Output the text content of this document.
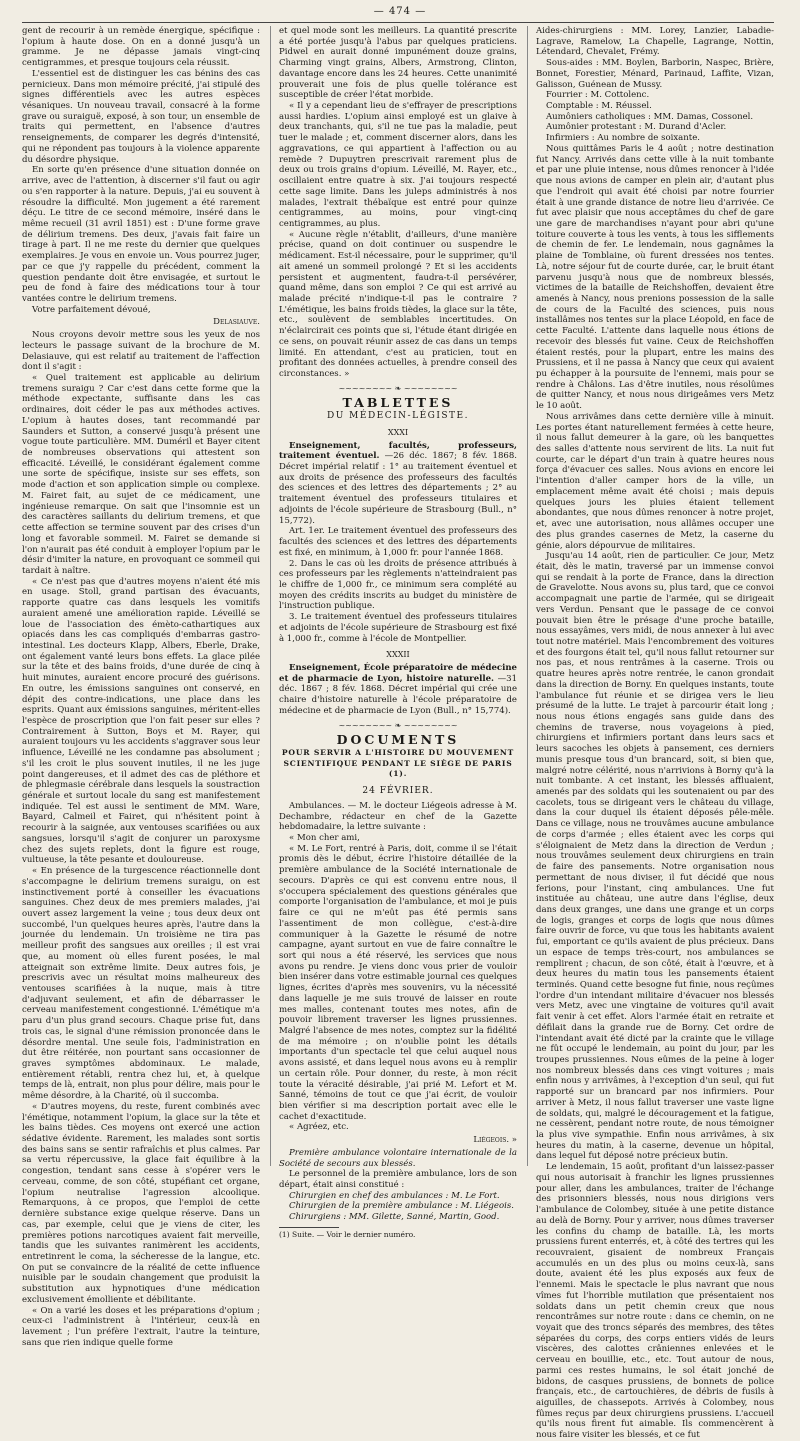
— 474 —

gent de recourir à un remède énergique, spécifique : l'opium à haute dose. On en a donné jusqu'à un gramme. Je ne dépasse jamais vingt-cinq centigrammes, et presque toujours cela réussit.

L'essentiel est de distinguer les cas bénins des cas pernicieux. Dans mon mémoire précité, j'ai stipulé des signes différentiels avec les autres espèces vésaniques. Un nouveau travail, consacré à la forme grave ou suraiguë, exposé, à son tour, un ensemble de traits qui permettent, en l'absence d'autres renseignements, de comparer les degrés d'intensité, qui ne répondent pas toujours à la violence apparente du désordre physique.

En sorte qu'en présence d'une situation donnée on arrive, avec de l'attention, à discerner s'il faut ou agir ou s'en rapporter à la nature. Depuis, j'ai eu souvent à résoudre la difficulté. Mon jugement a été rarement déçu. Le titre de ce second mémoire, inséré dans le même recueil (31 avril 1851) est : D'une forme grave de délirium tremens. Des deux, j'avais fait faire un tirage à part. Il ne me reste du dernier que quelques exemplaires. Je vous en envoie un. Vous pourrez juger, par ce que j'y rappelle du précédent, comment la question pendante doit être envisagée, et surtout le peu de fond à faire des médications tour à tour vantées contre le delirium tremens.

Votre parfaitement dévoué,

Delasiauve.

Nous croyons devoir mettre sous les yeux de nos lecteurs le passage suivant de la brochure de M. Delasiauve, qui est relatif au traitement de l'affection dont il s'agit :

« Quel traitement est applicable au delirium tremens suraigu ? Car c'est dans cette forme que la méthode expectante, suffisante dans les cas ordinaires, doit céder le pas aux méthodes actives. L'opium à hautes doses, tant recommandé par Saunders et Sutton, a conservé jusqu'à présent une vogue toute particulière. MM. Duméril et Bayer citent de nombreuses observations qui attestent son efficacité. Léveillé, le considérant également comme une sorte de spécifique, insiste sur ses effets, son mode d'action et son application simple ou complexe. M. Fairet fait, au sujet de ce médicament, une ingénieuse remarque. On sait que l'insomnie est un des caractères saillants du delirium tremens, et que cette affection se termine souvent par des crises d'un long et favorable sommeil. M. Fairet se demande si l'on n'aurait pas été conduit à employer l'opium par le désir d'imiter la nature, en provoquant ce sommeil qui tardait à naître.

« Ce n'est pas que d'autres moyens n'aient été mis en usage. Stoll, grand partisan des évacuants, rapporte quatre cas dans lesquels les vomitifs auraient amené une amélioration rapide. Léveillé se loue de l'association des émèto-cathartiques aux opiacés dans les cas compliqués d'embarras gastro-intestinal. Les docteurs Klapp, Albers, Eberle, Drake, ont également vanté leurs bons effets. La glace pilée sur la tête et des bains froids, d'une durée de cinq à huit minutes, auraient encore procuré des guérisons. En outre, les émissions sanguines ont conservé, en dépit des contre-indications, une place dans les esprits. Quant aux émissions sanguines, méritent-elles l'espèce de proscription que l'on fait peser sur elles ? Contrairement à Sutton, Boys et M. Rayer, qui auraient toujours vu les accidents s'aggraver sous leur influence, Léveillé ne les condamne pas absolument ; s'il les croit le plus souvent inutiles, il ne les juge point dangereuses, et il admet des cas de pléthore et de phlegmasie cérébrale dans lesquels la soustraction générale et surtout locale du sang est manifestement indiquée. Tel est aussi le sentiment de MM. Ware, Bayard, Calmeil et Fairet, qui n'hésitent point à recourir à la saignée, aux ventouses scarifiées ou aux sangsues, lorsqu'il s'agit de conjurer un paroxysme chez des sujets replets, dont la figure est rouge, vultueuse, la tête pesante et douloureuse.

« En présence de la turgescence réactionnelle dont s'accompagne le delirium tremens suraigu, on est instinctivement porté à conseiller les évacuations sanguines. Chez deux de mes premiers malades, j'ai ouvert assez largement la veine ; tous deux deux ont succombé, l'un quelques heures après, l'autre dans la journée du lendemain. Un troisième ne tira pas meilleur profit des sangsues aux oreilles ; il est vrai que, au moment où elles furent posées, le mal atteignait son extrême limite. Deux autres fois, je prescrivis avec un résultat moins malheureux des ventouses scarifiées à la nuque, mais à titre d'adjuvant seulement, et afin de débarrasser le cerveau manifestement congestionné. L'émétique m'a paru d'un plus grand secours. Chaque prise fut, dans trois cas, le signal d'une rémission prononcée dans le désordre mental. Une seule fois, l'administration en dut être réitérée, non pourtant sans occasionner de graves symptômes abdominaux. Le malade, entièrement rétabli, rentra chez lui, et, à quelque temps de là, entrait, non plus pour délire, mais pour le même désordre, à la Charité, où il succomba.

« D'autres moyens, du reste, furent combinés avec l'émétique, notamment l'opium, la glace sur la tête et les bains tièdes. Ces moyens ont exercé une action sédative évidente. Rarement, les malades sont sortis des bains sans se sentir rafraîchis et plus calmes. Par sa vertu répercussive, la glace fait équilibre à la congestion, tendant sans cesse à s'opérer vers le cerveau, comme, de son côté, stupéfiant cet organe, l'opium neutralise l'agression alcoolique. Remarquons, à ce propos, que l'emploi de cette dernière substance exige quelque réserve. Dans un cas, par exemple, celui que je viens de citer, les premières potions narcotiques avaient fait merveille, tandis que les suivantes ranimèrent les accidents, entretinrent le coma, la sécheresse de la langue, etc. On put se convaincre de la réalité de cette influence nuisible par le soudain changement que produisit la substitution aux hypnotiques d'une médication exclusivement émolliente et débilitante.

« On a varié les doses et les préparations d'opium ; ceux-ci l'administrent à l'intérieur, ceux-là en lavement ; l'un préfère l'extrait, l'autre la teinture, sans que rien indique quelle forme

et quel mode sont les meilleurs. La quantité prescrite a été portée jusqu'à l'abus par quelques praticiens. Pidwel en aurait donné impunément douze grains, Charming vingt grains, Albers, Armstrong, Clinton, davantage encore dans les 24 heures. Cette unanimité prouverait une fois de plus quelle tolérance est susceptible de créer l'état morbide.

« Il y a cependant lieu de s'effrayer de prescriptions aussi hardies. L'opium ainsi employé est un glaive à deux tranchants, qui, s'il ne tue pas la maladie, peut tuer le malade ; et, comment discerner alors, dans les aggravations, ce qui appartient à l'affection ou au remède ? Dupuytren prescrivait rarement plus de deux ou trois grains d'opium. Léveillé, M. Rayer, etc., oscillaient entre quatre à six. J'ai toujours respecté cette sage limite. Dans les juleps administrés à nos malades, l'extrait thébaïque est entré pour quinze centigrammes, au moins, pour vingt-cinq centigrammes, au plus.

« Aucune règle n'établit, d'ailleurs, d'une manière précise, quand on doit continuer ou suspendre le médicament. Est-il nécessaire, pour le supprimer, qu'il ait amené un sommeil prolongé ? Et si les accidents persistent et augmentent, faudra-t-il persévérer, quand même, dans son emploi ? Ce qui est arrivé au malade précité n'indique-t-il pas le contraire ? L'émétique, les bains froids tièdes, la glace sur la tête, etc., soulèvent de semblables incertitudes. On n'éclaircirait ces points que si, l'étude étant dirigée en ce sens, on pouvait réunir assez de cas dans un temps limité. En attendant, c'est au praticien, tout en profitant des données actuelles, à prendre conseil des circonstances. »

~~~~~~~~ ❧ ~~~~~~~~
TABLETTES
DU MÉDECIN-LÉGISTE.
XXXI

Enseignement, facultés, professeurs, traitement éventuel. —26 déc. 1867; 8 fév. 1868. Décret impérial relatif : 1° au traitement éventuel et aux droits de présence des professeurs des facultés des sciences et des lettres des départements ; 2° au traitement éventuel des professeurs titulaires et adjoints de l'école supérieure de Strasbourg (Bull., n° 15,772).

Art. 1er. Le traitement éventuel des professeurs des facultés des sciences et des lettres des départements est fixé, en minimum, à 1,000 fr. pour l'année 1868.

2. Dans le cas où les droits de présence attribués à ces professeurs par les règlements n'atteindraient pas le chiffre de 1,000 fr., ce minimum sera complété au moyen des crédits inscrits au budget du ministère de l'instruction publique.

3. Le traitement éventuel des professeurs titulaires et adjoints de l'école supérieure de Strasbourg est fixé à 1,000 fr., comme à l'école de Montpellier.

XXXII

Enseignement, École préparatoire de médecine et de pharmacie de Lyon, histoire naturelle. —31 déc. 1867 ; 8 fév. 1868. Décret impérial qui crée une chaire d'histoire naturelle à l'école préparatoire de médecine et de pharmacie de Lyon (Bull., n° 15,774).

~~~~~~~~ ❧ ~~~~~~~~
DOCUMENTS
POUR SERVIR A L'HISTOIRE DU MOUVEMENT SCIENTIFIQUE PENDANT LE SIÈGE DE PARIS (1).
24 FÉVRIER.

Ambulances. — M. le docteur Liégeois adresse à M. Dechambre, rédacteur en chef de la Gazette hebdomadaire, la lettre suivante :

« Mon cher ami,

« M. Le Fort, rentré à Paris, doit, comme il se l'était promis dès le début, écrire l'histoire détaillée de la première ambulance de la Société internationale de secours. D'après ce qui est convenu entre nous, il s'occupera spécialement des questions générales que comporte l'organisation de l'ambulance, et moi je puis faire ce qui ne m'eût pas été permis sans l'assentiment de mon collègue, c'est-à-dire communiquer à la Gazette le résumé de notre campagne, ayant surtout en vue de faire connaître le sort qui nous a été réservé, les services que nous avons pu rendre. Je viens donc vous prier de vouloir bien insérer dans votre estimable journal ces quelques lignes, écrites d'après mes souvenirs, vu la nécessité dans laquelle je me suis trouvé de laisser en route mes malles, contenant toutes mes notes, afin de pouvoir librement traverser les lignes prussiennes. Malgré l'absence de mes notes, comptez sur la fidélité de ma mémoire ; on n'oublie point les détails importants d'un spectacle tel que celui auquel nous avons assisté, et dans lequel nous avons eu à remplir un certain rôle. Pour donner, du reste, à mon récit toute la véracité désirable, j'ai prié M. Lefort et M. Sanné, témoins de tout ce que j'ai écrit, de vouloir bien vérifier si ma description portait avec elle le cachet d'exactitude.

« Agréez, etc.

Liégeois. »

Première ambulance volontaire internationale de la Société de secours aux blessés.

Le personnel de la première ambulance, lors de son départ, était ainsi constitué :

Chirurgien en chef des ambulances : M. Le Fort.

Chirurgien de la première ambulance : M. Liégeois.

Chirurgiens : MM. Gilette, Sanné, Martin, Good.

(1) Suite. — Voir le dernier numéro.

Aides-chirurgiens : MM. Lorey, Lanzier, Labadie-Lagrave, Ramelow, La Chapelle, Lagrange, Nottin, Létendard, Chevalet, Frémy.

Sous-aides : MM. Boylen, Barborin, Naspec, Brière, Bonnet, Forestier, Ménard, Parinaud, Laffite, Vizan, Galisson, Guénean de Mussy.

Fourrier : M. Cottolenc.

Comptable : M. Réussel.

Aumôniers catholiques : MM. Damas, Cossonel.

Aumônier protestant : M. Durand d'Acler.

Infirmiers : Au nombre de soixante.

Nous quittâmes Paris le 4 août ; notre destination fut Nancy. Arrivés dans cette ville à la nuit tombante et par une pluie intense, nous dûmes renoncer à l'idée que nous avions de camper en plein air, d'autant plus que l'endroit qui avait été choisi par notre fourrier était à une grande distance de notre lieu d'arrivée. Ce fut avec plaisir que nous acceptâmes du chef de gare une gare de marchandises n'ayant pour abri qu'une toiture couverte à tous les vents, à tous les sifflements de chemin de fer. Le lendemain, nous gagnâmes la plaine de Tomblaine, où furent dressées nos tentes. Là, notre séjour fut de courte durée, car, le bruit étant parvenu jusqu'à nous que de nombreux blessés, victimes de la bataille de Reichshoffen, devaient être amenés à Nancy, nous prenions possession de la salle de cours de la Faculté des sciences, puis nous installâmes nos tentes sur la place Léopold, en face de cette Faculté. L'attente dans laquelle nous étions de recevoir des blessés fut vaine. Ceux de Reichshoffen étaient restés, pour la plupart, entre les mains des Prussiens, et il ne passa à Nancy que ceux qui avaient pu échapper à la poursuite de l'ennemi, mais pour se rendre à Châlons. Las d'être inutiles, nous résolûmes de quitter Nancy, et nous nous dirigeâmes vers Metz le 10 août.

Nous arrivâmes dans cette dernière ville à minuit. Les portes étant naturellement fermées à cette heure, il nous fallut demeurer à la gare, où les banquettes des salles d'attente nous servirent de lits. La nuit fut courte, car le départ d'un train à quatre heures nous força d'évacuer ces salles. Nous avions en encore lei l'intention d'aller camper hors de la ville, un emplacement même avait été choisi ; mais depuis quelques jours les pluies étaient tellement abondantes, que nous dûmes renoncer à notre projet, et, avec une autorisation, nous allâmes occuper une des plus grandes casernes de Metz, la caserne du génie, alors dépourvue de militaires.

Jusqu'au 14 août, rien de particulier. Ce jour, Metz était, dès le matin, traversé par un immense convoi qui se rendait à la porte de France, dans la direction de Gravelotte. Nous avons su, plus tard, que ce convoi accompagnait une partie de l'armée, qui se dirigeait vers Verdun. Pensant que le passage de ce convoi pouvait bien être le présage d'une proche bataille, nous essayâmes, vers midi, de nous annexer à lui avec tout notre matériel. Mais l'encombrement des voitures et des fourgons était tel, qu'il nous fallut retourner sur nos pas, et nous rentrâmes à la caserne. Trois ou quatre heures après notre rentrée, le canon grondait dans la direction de Borny. En quelques instants, toute l'ambulance fut réunie et se dirigea vers le lieu présumé de la lutte. Le trajet à parcourir était long ; nous nous étions engagés sans guide dans des chemins de traverse, nous voyageions à pied, chirurgiens et infirmiers portant dans leurs sacs et leurs sacoches les objets à pansement, ces derniers munis presque tous d'un brancard, soit, si bien que, malgré notre célérité, nous n'arrivions à Borny qu'à la nuit tombante. A cet instant, les blessés affluaient, amenés par des soldats qui les soutenaient ou par des cacolets, tous se dirigeant vers le château du village, dans la cour duquel ils étaient déposés pêle-mêle. Dans ce village, nous ne trouvâmes aucune ambulance de corps d'armée ; elles étaient avec les corps qui s'éloignaient de Metz dans la direction de Verdun ; nous trouvâmes seulement deux chirurgiens en train de faire des pansements. Notre organisation nous permettant de nous diviser, il fut décidé que nous ferions, pour l'instant, cinq ambulances. Une fut instituée au château, une autre dans l'église, deux dans deux granges, une dans une grange et un corps de logis, granges et corps de logis que nous dûmes faire ouvrir de force, vu que tous les habitants avaient fui, emportant ce qu'ils avaient de plus précieux. Dans un espace de temps très-court, nos ambulances se remplirent ; chacun, de son côté, était à l'œuvre, et à deux heures du matin tous les pansements étaient terminés. Quand cette besogne fut finie, nous reçûmes l'ordre d'un intendant militaire d'évacuer nos blessés vers Metz, avec une vingtaine de voitures qu'il avait fait venir à cet effet. Alors l'armée était en retraite et défilait dans la grande rue de Borny. Cet ordre de l'intendant avait été dicté par la crainte que le village ne fût occupé le lendemain, au point du jour, par les troupes prussiennes. Nous eûmes de la peine à loger nos nombreux blessés dans ces vingt voitures ; mais enfin nous y arrivâmes, à l'exception d'un seul, qui fut rapporté sur un brancard par nos infirmiers. Pour arriver à Metz, il nous fallut traverser une vaste ligne de soldats, qui, malgré le découragement et la fatigue, ne cessèrent, pendant notre route, de nous témoigner la plus vive sympathie. Enfin nous arrivâmes, à six heures du matin, à la caserne, devenue un hôpital, dans lequel fut déposé notre précieux butin.

Le lendemain, 15 août, profitant d'un laissez-passer qui nous autorisait à franchir les lignes prussiennes pour aller, dans les ambulances, traiter de l'échange des prisonniers blessés, nous nous dirigions vers l'ambulance de Colombey, située à une petite distance au delà de Borny. Pour y arriver, nous dûmes traverser les confins du champ de bataille. Là, les morts prussiens furent enterrés, et, à côté des tertres qui les recouvraient, gisaient de nombreux Français accumulés en un des plus ou moins ceux-là, sans doute, avaient été les plus exposés aux feux de l'ennemi. Mais le spectacle le plus navrant que nous vîmes fut l'horrible mutilation que présentaient nos soldats dans un petit chemin creux que nous rencontrâmes sur notre route : dans ce chemin, on ne voyait que des troncs séparés des membres, des têtes séparées du corps, des corps entiers vidés de leurs viscères, des calottes crâniennes enlevées et le cerveau en bouillie, etc., etc. Tout autour de nous, parmi ces restes humains, le sol était jonché de bidons, de casques prussiens, de bonnets de police français, etc., de cartouchières, de débris de fusils à aiguilles, de chassepots. Arrivés à Colombey, nous fûmes reçus par deux chirurgiens prussiens. L'accueil qu'ils nous firent fut aimable. Ils commencèrent à nous faire visiter les blessés, et ce fut
